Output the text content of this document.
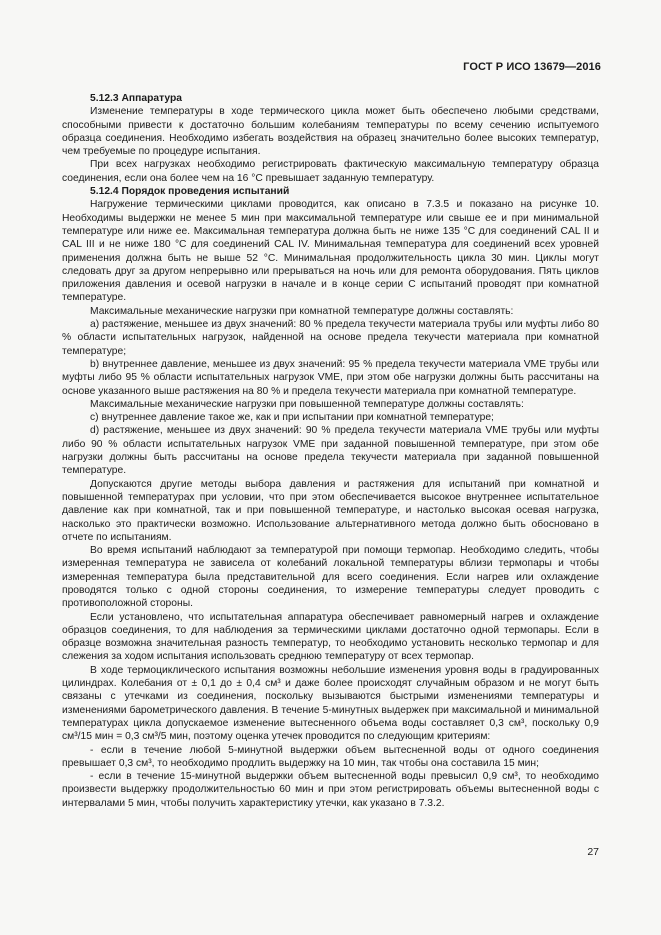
ГОСТ Р ИСО 13679—2016

5.12.3 Аппаратура

Изменение температуры в ходе термического цикла может быть обеспечено любыми средствами, способными привести к достаточно большим колебаниям температуры по всему сечению испытуемого образца соединения. Необходимо избегать воздействия на образец значительно более высоких температур, чем требуемые по процедуре испытания.

При всех нагрузках необходимо регистрировать фактическую максимальную температуру образца соединения, если она более чем на 16 °С превышает заданную температуру.

5.12.4 Порядок проведения испытаний

Нагружение термическими циклами проводится, как описано в 7.3.5 и показано на рисунке 10. Необходимы выдержки не менее 5 мин при максимальной температуре или свыше ее и при минимальной температуре или ниже ее. Максимальная температура должна быть не ниже 135 °С для соединений CAL II и CAL III и не ниже 180 °С для соединений CAL IV. Минимальная температура для соединений всех уровней применения должна быть не выше 52 °С. Минимальная продолжительность цикла 30 мин. Циклы могут следовать друг за другом непрерывно или прерываться на ночь или для ремонта оборудования. Пять циклов приложения давления и осевой нагрузки в начале и в конце серии С испытаний проводят при комнатной температуре.

Максимальные механические нагрузки при комнатной температуре должны составлять:

а) растяжение, меньшее из двух значений: 80 % предела текучести материала трубы или муфты либо 80 % области испытательных нагрузок, найденной на основе предела текучести материала при комнатной температуре;

b) внутреннее давление, меньшее из двух значений: 95 % предела текучести материала VME трубы или муфты либо 95 % области испытательных нагрузок VME, при этом обе нагрузки должны быть рассчитаны на основе указанного выше растяжения на 80 % и предела текучести материала при комнатной температуре.

Максимальные механические нагрузки при повышенной температуре должны составлять:

с) внутреннее давление такое же, как и при испытании при комнатной температуре;

d) растяжение, меньшее из двух значений: 90 % предела текучести материала VME трубы или муфты либо 90 % области испытательных нагрузок VME при заданной повышенной температуре, при этом обе нагрузки должны быть рассчитаны на основе предела текучести материала при заданной повышенной температуре.

Допускаются другие методы выбора давления и растяжения для испытаний при комнатной и повышенной температурах при условии, что при этом обеспечивается высокое внутреннее испытательное давление как при комнатной, так и при повышенной температуре, и настолько высокая осевая нагрузка, насколько это практически возможно. Использование альтернативного метода должно быть обосновано в отчете по испытаниям.

Во время испытаний наблюдают за температурой при помощи термопар. Необходимо следить, чтобы измеренная температура не зависела от колебаний локальной температуры вблизи термопары и чтобы измеренная температура была представительной для всего соединения. Если нагрев или охлаждение проводятся только с одной стороны соединения, то измерение температуры следует проводить с противоположной стороны.

Если установлено, что испытательная аппаратура обеспечивает равномерный нагрев и охлаждение образцов соединения, то для наблюдения за термическими циклами достаточно одной термопары. Если в образце возможна значительная разность температур, то необходимо установить несколько термопар и для слежения за ходом испытания использовать среднюю температуру от всех термопар.

В ходе термоциклического испытания возможны небольшие изменения уровня воды в градуированных цилиндрах. Колебания от ± 0,1 до ± 0,4 см³ и даже более происходят случайным образом и не могут быть связаны с утечками из соединения, поскольку вызываются быстрыми изменениями температуры и изменениями барометрического давления. В течение 5-минутных выдержек при максимальной и минимальной температурах цикла допускаемое изменение вытесненного объема воды составляет 0,3 см³, поскольку 0,9 см³/15 мин = 0,3 см³/5 мин, поэтому оценка утечек проводится по следующим критериям:

- если в течение любой 5-минутной выдержки объем вытесненной воды от одного соединения превышает 0,3 см³, то необходимо продлить выдержку на 10 мин, так чтобы она составила 15 мин;

- если в течение 15-минутной выдержки объем вытесненной воды превысил 0,9 см³, то необходимо произвести выдержку продолжительностью 60 мин и при этом регистрировать объемы вытесненной воды с интервалами 5 мин, чтобы получить характеристику утечки, как указано в 7.3.2.

27
